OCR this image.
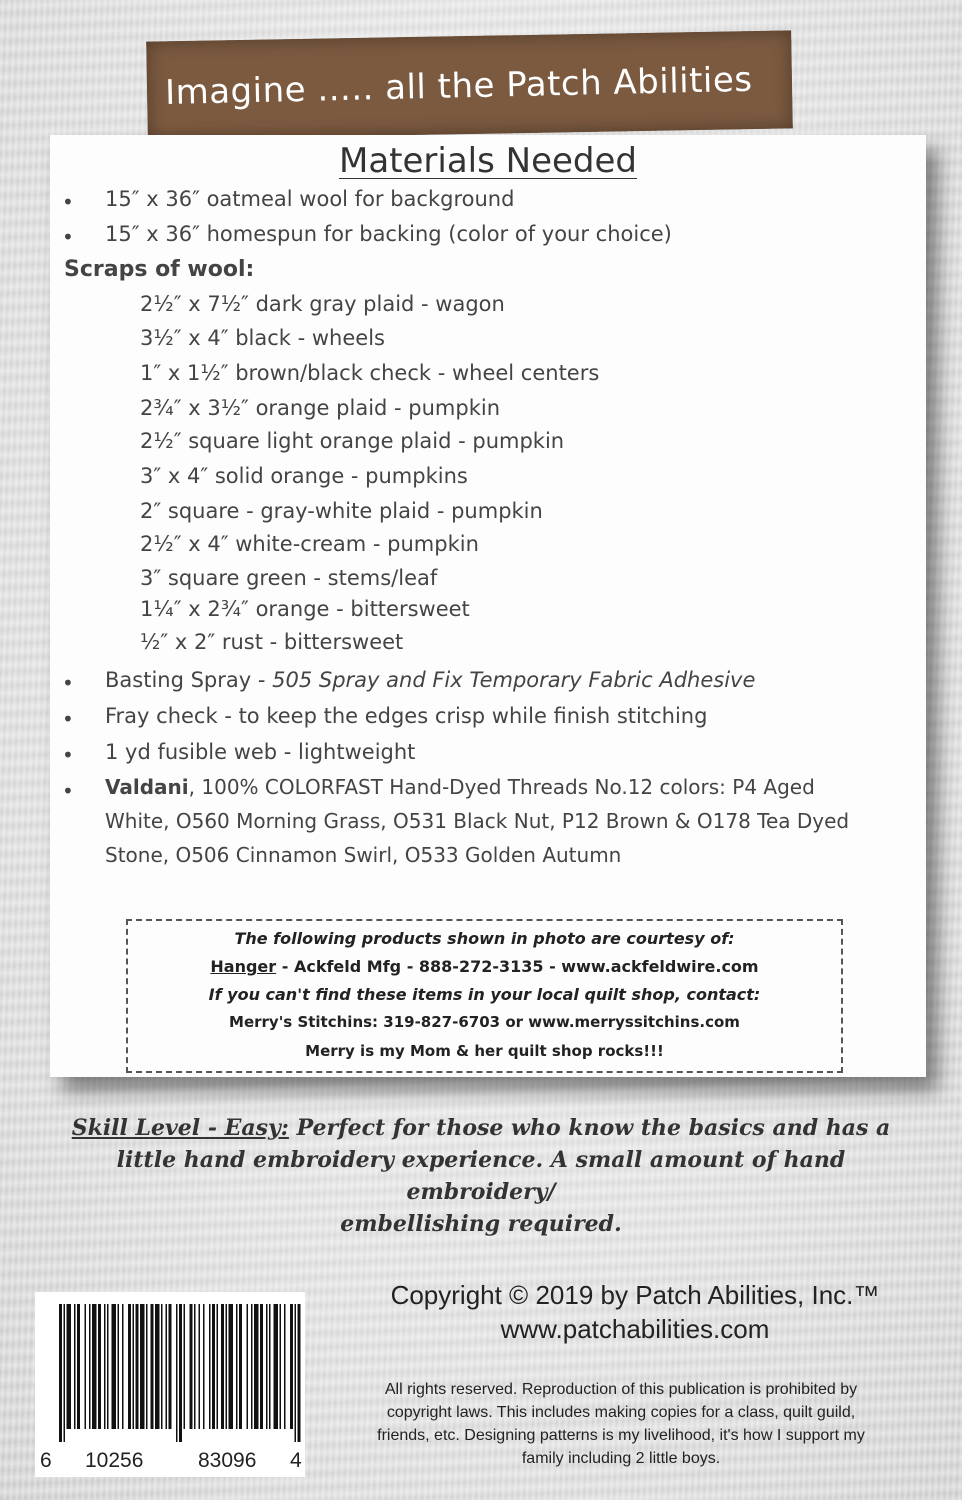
Imagine ..... all the Patch Abilities
Materials Needed
• 15″ x 36″ oatmeal wool for background
• 15″ x 36″ homespun for backing (color of your choice)
Scraps of wool:
2½″ x 7½″ dark gray plaid - wagon
3½″ x 4″ black - wheels
1″ x 1½″ brown/black check - wheel centers
2¾″ x 3½″ orange plaid - pumpkin
2½″ square light orange plaid - pumpkin
3″ x 4″ solid orange - pumpkins
2″ square - gray-white plaid - pumpkin
2½″ x 4″ white-cream - pumpkin
3″ square green - stems/leaf
1¼″ x 2¾″ orange - bittersweet
½″ x 2″ rust - bittersweet
• Basting Spray - 505 Spray and Fix Temporary Fabric Adhesive
• Fray check - to keep the edges crisp while finish stitching
• 1 yd fusible web - lightweight
• Valdani, 100% COLORFAST Hand-Dyed Threads No.12 colors: P4 Aged
White, O560 Morning Grass, O531 Black Nut, P12 Brown & O178 Tea Dyed
Stone, O506 Cinnamon Swirl, O533 Golden Autumn
The following products shown in photo are courtesy of:
Hanger - Ackfeld Mfg - 888-272-3135 - www.ackfeldwire.com
If you can't find these items in your local quilt shop, contact:
Merry's Stitchins: 319-827-6703 or www.merryssitchins.com
Merry is my Mom & her quilt shop rocks!!!
Skill Level - Easy: Perfect for those who know the basics and has a
little hand embroidery experience. A small amount of hand embroidery/
embellishing required.
6 10256	83096 4
Copyright © 2019 by Patch Abilities, Inc.™
www.patchabilities.com
All rights reserved. Reproduction of this publication is prohibited by
copyright laws. This includes making copies for a class, quilt guild,
friends, etc. Designing patterns is my livelihood, it's how I support my
family including 2 little boys.
